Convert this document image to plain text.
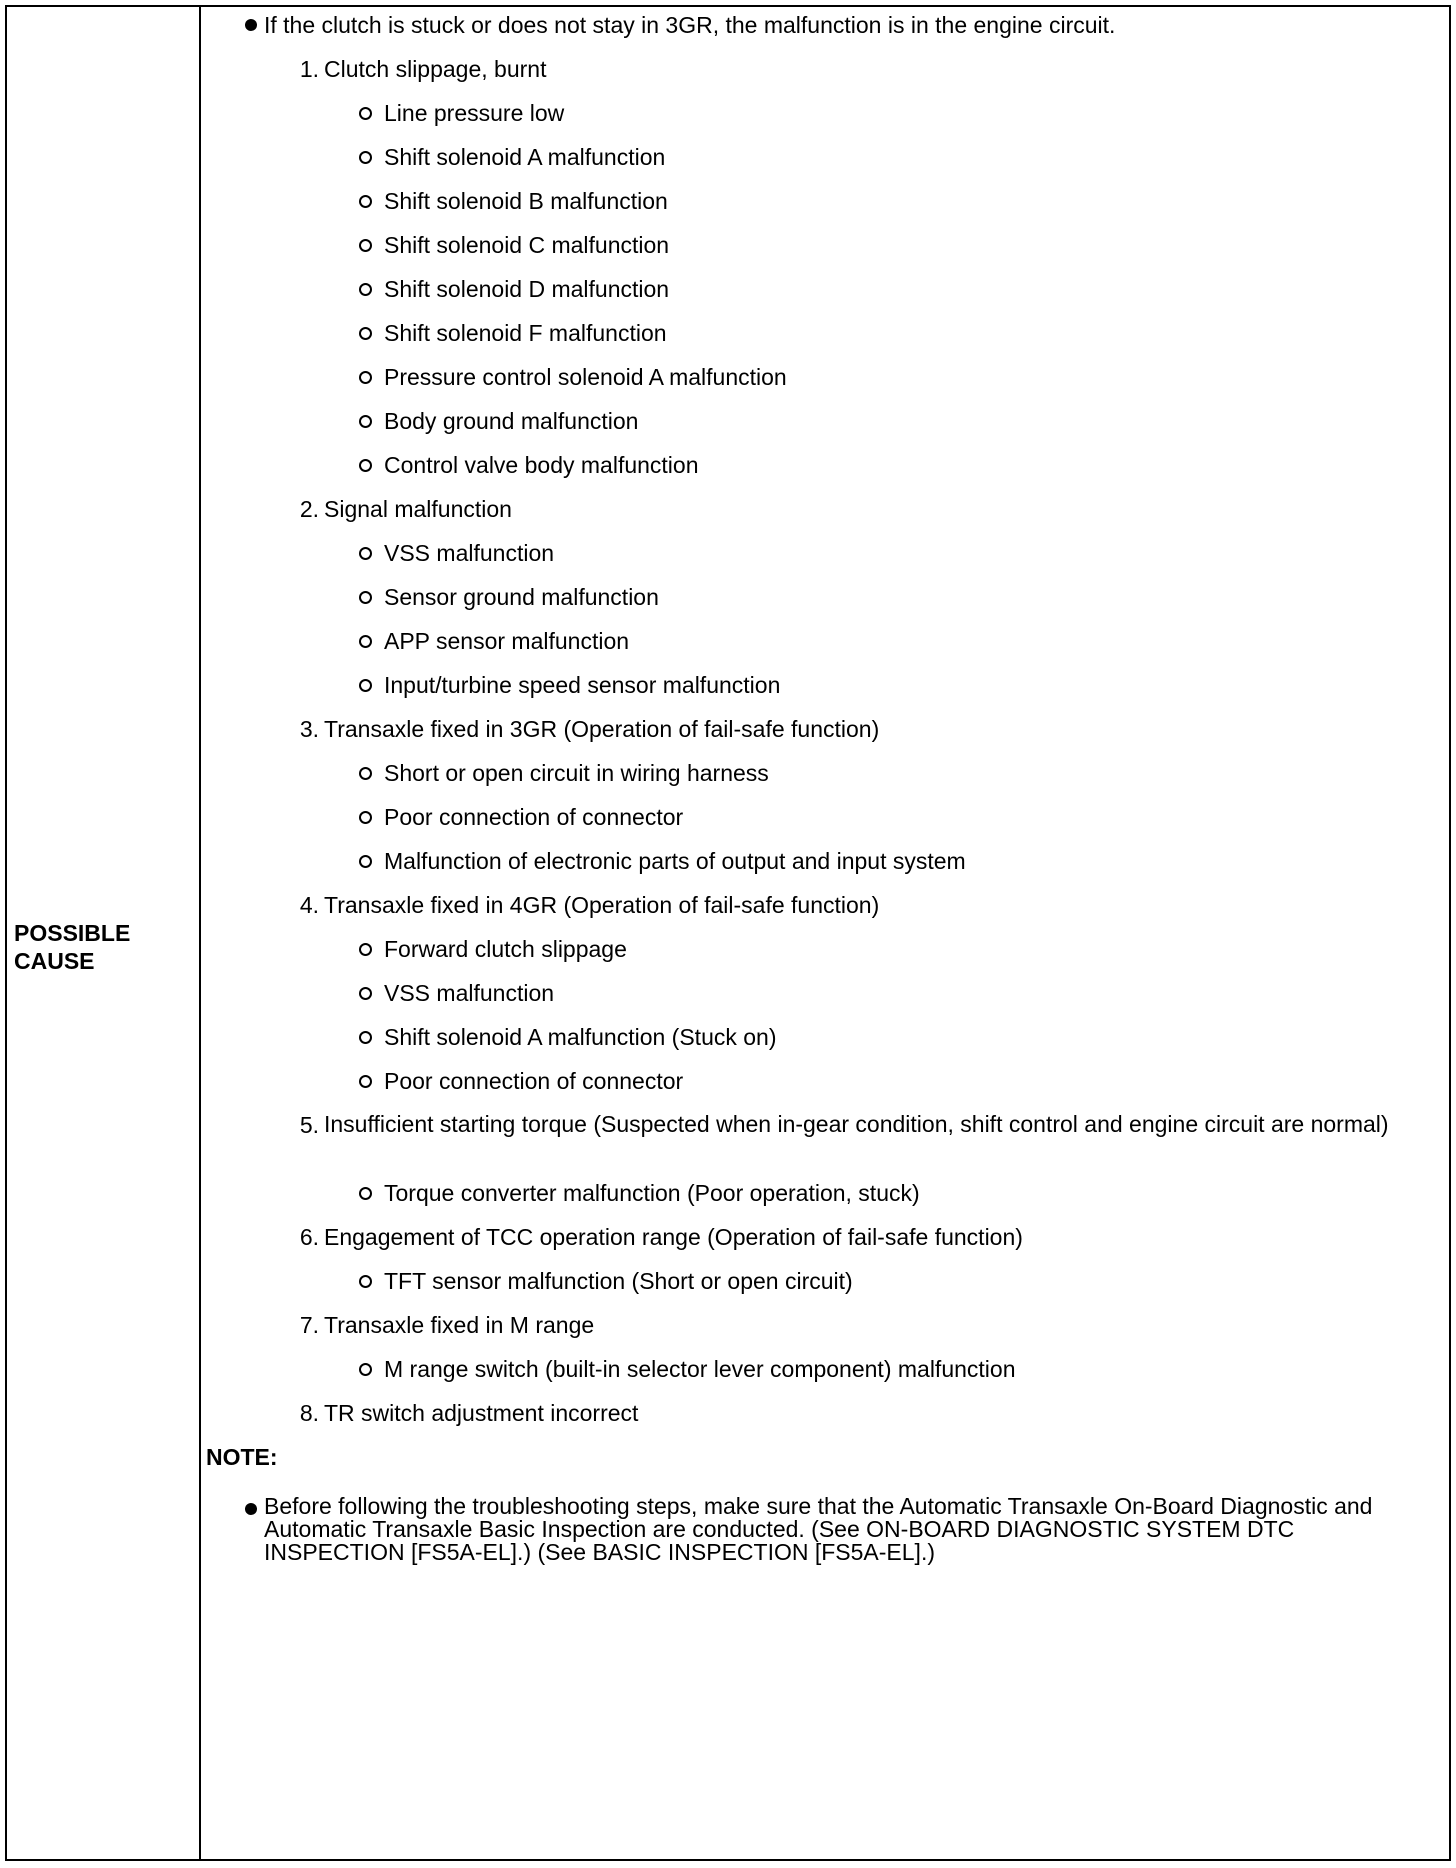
POSSIBLE
CAUSE
If the clutch is stuck or does not stay in 3GR, the malfunction is in the engine circuit.
1. Clutch slippage, burnt
Line pressure low
Shift solenoid A malfunction
Shift solenoid B malfunction
Shift solenoid C malfunction
Shift solenoid D malfunction
Shift solenoid F malfunction
Pressure control solenoid A malfunction
Body ground malfunction
Control valve body malfunction
2. Signal malfunction
VSS malfunction
Sensor ground malfunction
APP sensor malfunction
Input/turbine speed sensor malfunction
3. Transaxle fixed in 3GR (Operation of fail-safe function)
Short or open circuit in wiring harness
Poor connection of connector
Malfunction of electronic parts of output and input system
4. Transaxle fixed in 4GR (Operation of fail-safe function)
Forward clutch slippage
VSS malfunction
Shift solenoid A malfunction (Stuck on)
Poor connection of connector
5. Insufficient starting torque (Suspected when in-gear condition, shift control and engine circuit are normal)
Torque converter malfunction (Poor operation, stuck)
6. Engagement of TCC operation range (Operation of fail-safe function)
TFT sensor malfunction (Short or open circuit)
7. Transaxle fixed in M range
M range switch (built-in selector lever component) malfunction
8. TR switch adjustment incorrect
NOTE:
Before following the troubleshooting steps, make sure that the Automatic Transaxle On-Board Diagnostic and Automatic Transaxle Basic Inspection are conducted. (See ON-BOARD DIAGNOSTIC SYSTEM DTC INSPECTION [FS5A-EL].) (See BASIC INSPECTION [FS5A-EL].)
